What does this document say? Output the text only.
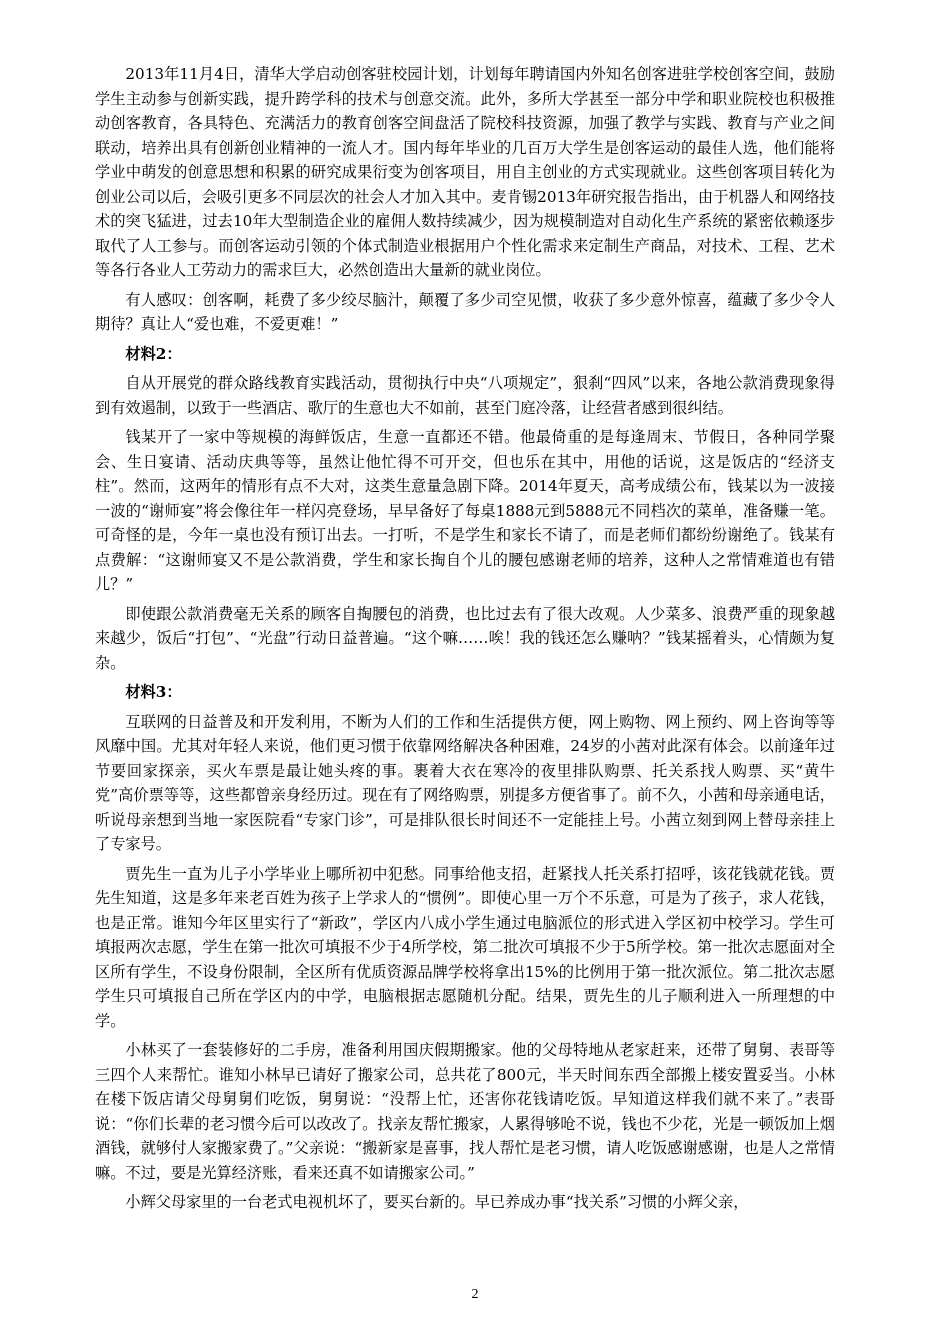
2013年11月4日，清华大学启动创客驻校园计划，计划每年聘请国内外知名创客进驻学校创客空间，鼓励学生主动参与创新实践，提升跨学科的技术与创意交流。此外，多所大学甚至一部分中学和职业院校也积极推动创客教育，各具特色、充满活力的教育创客空间盘活了院校科技资源，加强了教学与实践、教育与产业之间联动，培养出具有创新创业精神的一流人才。国内每年毕业的几百万大学生是创客运动的最佳人选，他们能将学业中萌发的创意思想和积累的研究成果衍变为创客项目，用自主创业的方式实现就业。这些创客项目转化为创业公司以后，会吸引更多不同层次的社会人才加入其中。麦肯锡2013年研究报告指出，由于机器人和网络技术的突飞猛进，过去10年大型制造企业的雇佣人数持续减少，因为规模制造对自动化生产系统的紧密依赖逐步取代了人工参与。而创客运动引领的个体式制造业根据用户个性化需求来定制生产商品，对技术、工程、艺术等各行各业人工劳动力的需求巨大，必然创造出大量新的就业岗位。

有人感叹：创客啊，耗费了多少绞尽脑汁，颠覆了多少司空见惯，收获了多少意外惊喜，蕴藏了多少令人期待？真让人“爱也难，不爱更难！”

材料2：

自从开展党的群众路线教育实践活动，贯彻执行中央“八项规定”，狠刹“四风”以来，各地公款消费现象得到有效遏制，以致于一些酒店、歌厅的生意也大不如前，甚至门庭冷落，让经营者感到很纠结。

钱某开了一家中等规模的海鲜饭店，生意一直都还不错。他最倚重的是每逢周末、节假日，各种同学聚会、生日宴请、活动庆典等等，虽然让他忙得不可开交，但也乐在其中，用他的话说，这是饭店的“经济支柱”。然而，这两年的情形有点不大对，这类生意量急剧下降。2014年夏天，高考成绩公布，钱某以为一波接一波的“谢师宴”将会像往年一样闪亮登场，早早备好了每桌1888元到5888元不同档次的菜单，准备赚一笔。可奇怪的是，今年一桌也没有预订出去。一打听，不是学生和家长不请了，而是老师们都纷纷谢绝了。钱某有点费解：“这谢师宴又不是公款消费，学生和家长掏自个儿的腰包感谢老师的培养，这种人之常情难道也有错儿？”

即使跟公款消费毫无关系的顾客自掏腰包的消费，也比过去有了很大改观。人少菜多、浪费严重的现象越来越少，饭后“打包”、“光盘”行动日益普遍。“这个嘛……唉！我的钱还怎么赚呐？”钱某摇着头，心情颇为复杂。

材料3：

互联网的日益普及和开发利用，不断为人们的工作和生活提供方便，网上购物、网上预约、网上咨询等等风靡中国。尤其对年轻人来说，他们更习惯于依靠网络解决各种困难，24岁的小茜对此深有体会。以前逢年过节要回家探亲，买火车票是最让她头疼的事。裹着大衣在寒冷的夜里排队购票、托关系找人购票、买“黄牛党”高价票等等，这些都曾亲身经历过。现在有了网络购票，别提多方便省事了。前不久，小茜和母亲通电话，听说母亲想到当地一家医院看“专家门诊”，可是排队很长时间还不一定能挂上号。小茜立刻到网上替母亲挂上了专家号。

贾先生一直为儿子小学毕业上哪所初中犯愁。同事给他支招，赶紧找人托关系打招呼，该花钱就花钱。贾先生知道，这是多年来老百姓为孩子上学求人的“惯例”。即使心里一万个不乐意，可是为了孩子，求人花钱，也是正常。谁知今年区里实行了“新政”，学区内八成小学生通过电脑派位的形式进入学区初中校学习。学生可填报两次志愿，学生在第一批次可填报不少于4所学校，第二批次可填报不少于5所学校。第一批次志愿面对全区所有学生，不设身份限制，全区所有优质资源品牌学校将拿出15%的比例用于第一批次派位。第二批次志愿学生只可填报自己所在学区内的中学，电脑根据志愿随机分配。结果，贾先生的儿子顺利进入一所理想的中学。

小林买了一套装修好的二手房，准备利用国庆假期搬家。他的父母特地从老家赶来，还带了舅舅、表哥等三四个人来帮忙。谁知小林早已请好了搬家公司，总共花了800元，半天时间东西全部搬上楼安置妥当。小林在楼下饭店请父母舅舅们吃饭，舅舅说：“没帮上忙，还害你花钱请吃饭。早知道这样我们就不来了。”表哥说：“你们长辈的老习惯今后可以改改了。找亲友帮忙搬家，人累得够呛不说，钱也不少花，光是一顿饭加上烟酒钱，就够付人家搬家费了。”父亲说：“搬新家是喜事，找人帮忙是老习惯，请人吃饭感谢感谢，也是人之常情嘛。不过，要是光算经济账，看来还真不如请搬家公司。”

小辉父母家里的一台老式电视机坏了，要买台新的。早已养成办事“找关系”习惯的小辉父亲，

2
